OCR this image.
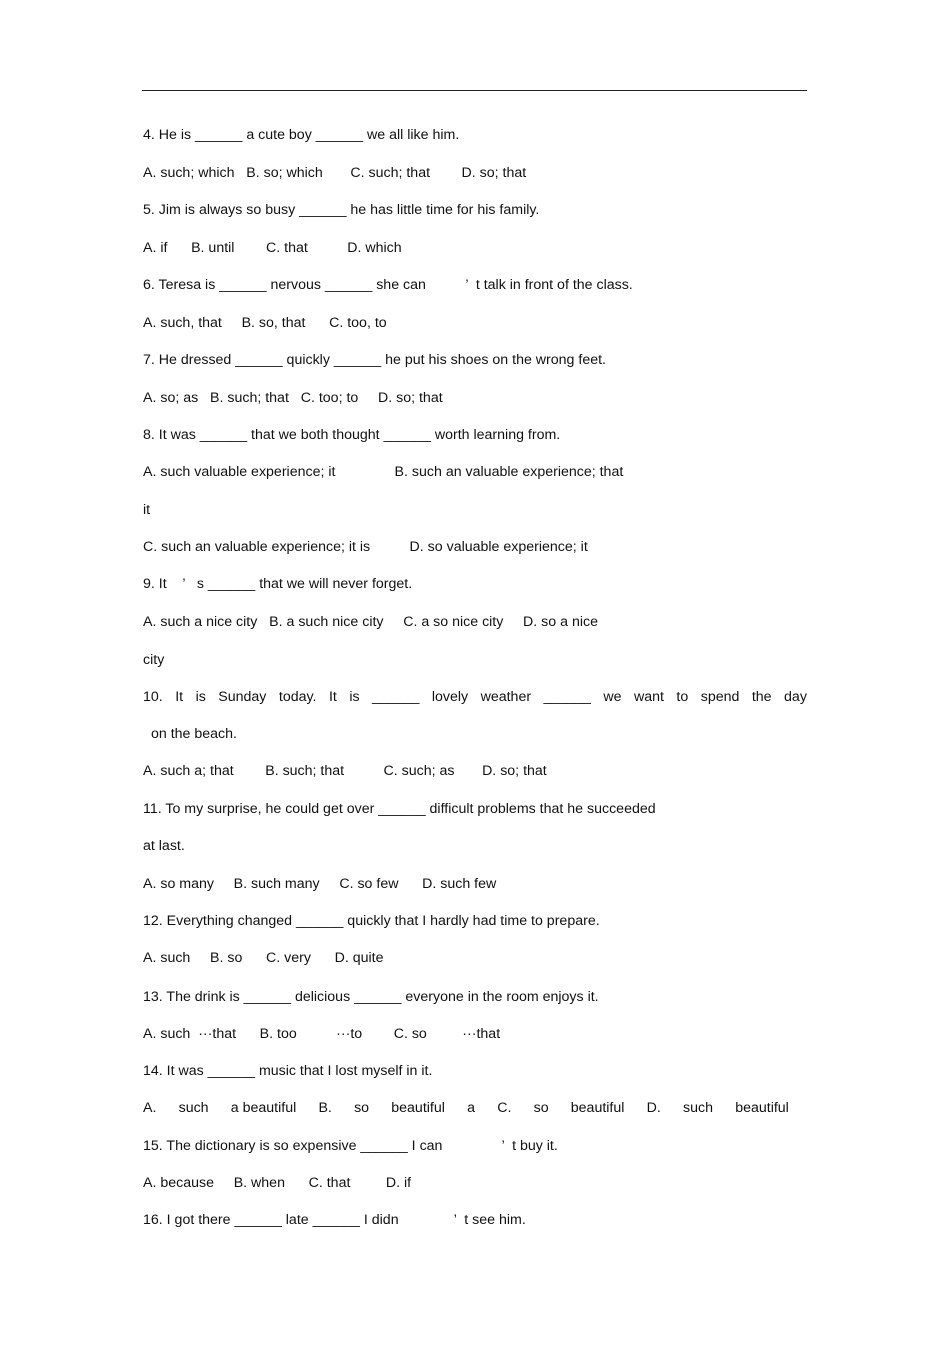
4. He is ______ a cute boy ______ we all like him.
A. such; which   B. so; which       C. such; that        D. so; that
5. Jim is always so busy ______ he has little time for his family.
A. if      B. until        C. that          D. which
6. Teresa is ______ nervous ______ she can          ’  t talk in front of the class.
A. such, that     B. so, that      C. too, to
7. He dressed ______ quickly ______ he put his shoes on the wrong feet.
A. so; as   B. such; that   C. too; to     D. so; that
8. It was ______ that we both thought ______ worth learning from.
A. such valuable experience; it               B. such an valuable experience; that
it
C. such an valuable experience; it is          D. so valuable experience; it
9. It    ’   s ______ that we will never forget.
A. such a nice city   B. a such nice city     C. a so nice city     D. so a nice
city
10. It is Sunday today. It is ______ lovely weather ______ we want to spend the day
on the beach.
A. such a; that        B. such; that          C. such; as       D. so; that
11. To my surprise, he could get over ______ difficult problems that he succeeded
at last.
A. so many     B. such many     C. so few      D. such few
12. Everything changed ______ quickly that I hardly had time to prepare.
A. such     B. so      C. very      D. quite
13. The drink is ______ delicious ______ everyone in the room enjoys it.
A. such  ···that      B. too          ···to        C. so         ···that
14. It was ______ music that I lost myself in it.
A. such a beautiful B. so beautiful a C. so beautiful D. such beautiful
15. The dictionary is so expensive ______ I can               ’  t buy it.
A. because     B. when      C. that         D. if
16. I got there ______ late ______ I didn              ’  t see him.
